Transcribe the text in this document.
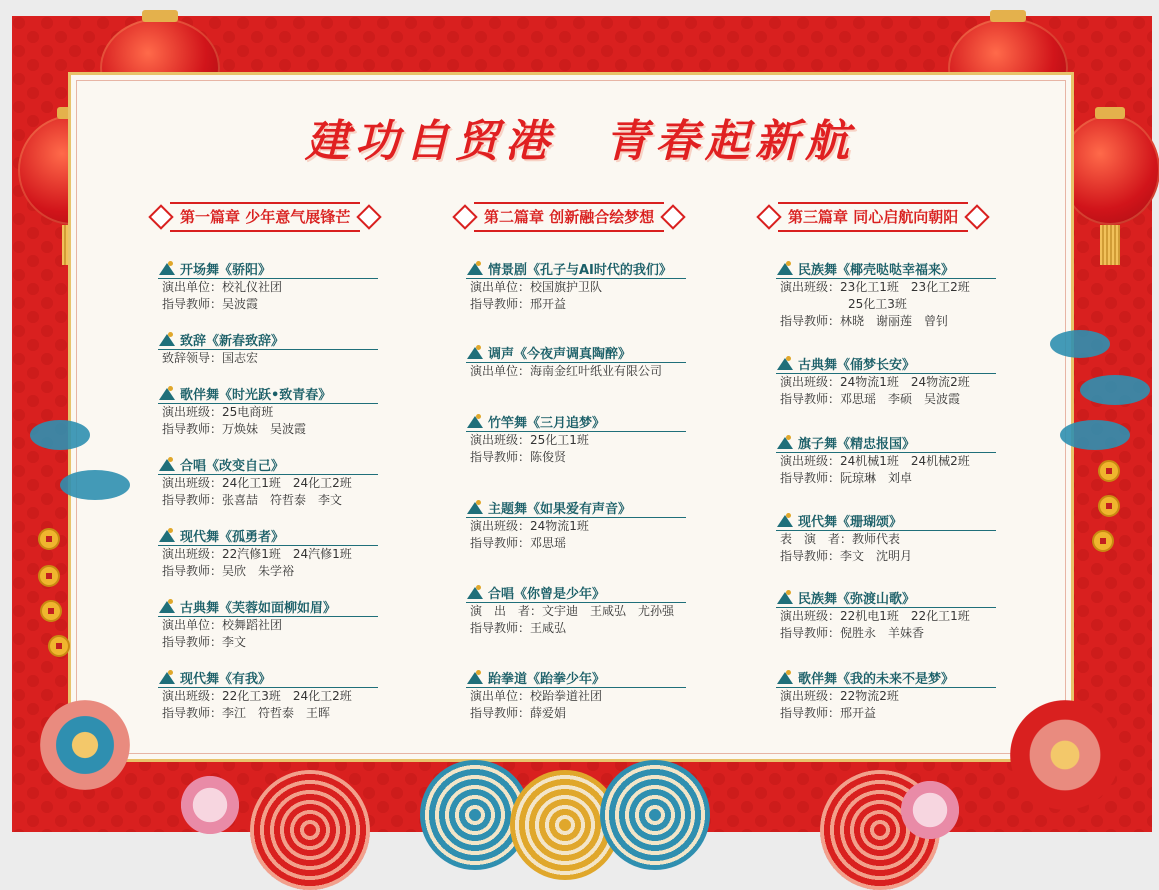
建功自贸港　青春起新航
第一篇章 少年意气展锋芒	第二篇章 创新融合绘梦想	第三篇章 同心启航向朝阳
开场舞《骄阳》
演出单位：校礼仪社团
指导教师：吴波霞
致辞《新春致辞》
致辞领导：国志宏
歌伴舞《时光跃•致青春》
演出班级：25电商班
指导教师：万焕妹　吴波霞
合唱《改变自己》
演出班级：24化工1班　24化工2班
指导教师：张喜喆　符哲泰　李文
现代舞《孤勇者》
演出班级：22汽修1班　24汽修1班
指导教师：吴欣　朱学裕
古典舞《芙蓉如面柳如眉》
演出单位：校舞蹈社团
指导教师：李文
现代舞《有我》
演出班级：22化工3班　24化工2班
指导教师：李江　符哲泰　王晖
情景剧《孔子与AI时代的我们》
演出单位：校国旗护卫队
指导教师：邢开益
调声《今夜声调真陶醉》
演出单位：海南金红叶纸业有限公司
竹竿舞《三月追梦》
演出班级：25化工1班
指导教师：陈俊贤
主题舞《如果爱有声音》
演出班级：24物流1班
指导教师：邓思瑶
合唱《你曾是少年》
演　出　者：文宇迪　王咸弘　尤孙强
指导教师：王咸弘
跆拳道《跆拳少年》
演出单位：校跆拳道社团
指导教师：薛爱娟
民族舞《椰壳哒哒幸福来》
演出班级：23化工1班　23化工2班
25化工3班
指导教师：林晓　谢丽莲　曾钊
古典舞《俑梦长安》
演出班级：24物流1班　24物流2班
指导教师：邓思瑶　李硕　吴波霞
旗子舞《精忠报国》
演出班级：24机械1班　24机械2班
指导教师：阮琼琳　刘卓
现代舞《珊瑚颂》
表　演　者：教师代表
指导教师：李文　沈明月
民族舞《弥渡山歌》
演出班级：22机电1班　22化工1班
指导教师：倪胜永　羊妹香
歌伴舞《我的未来不是梦》
演出班级：22物流2班
指导教师：邢开益
